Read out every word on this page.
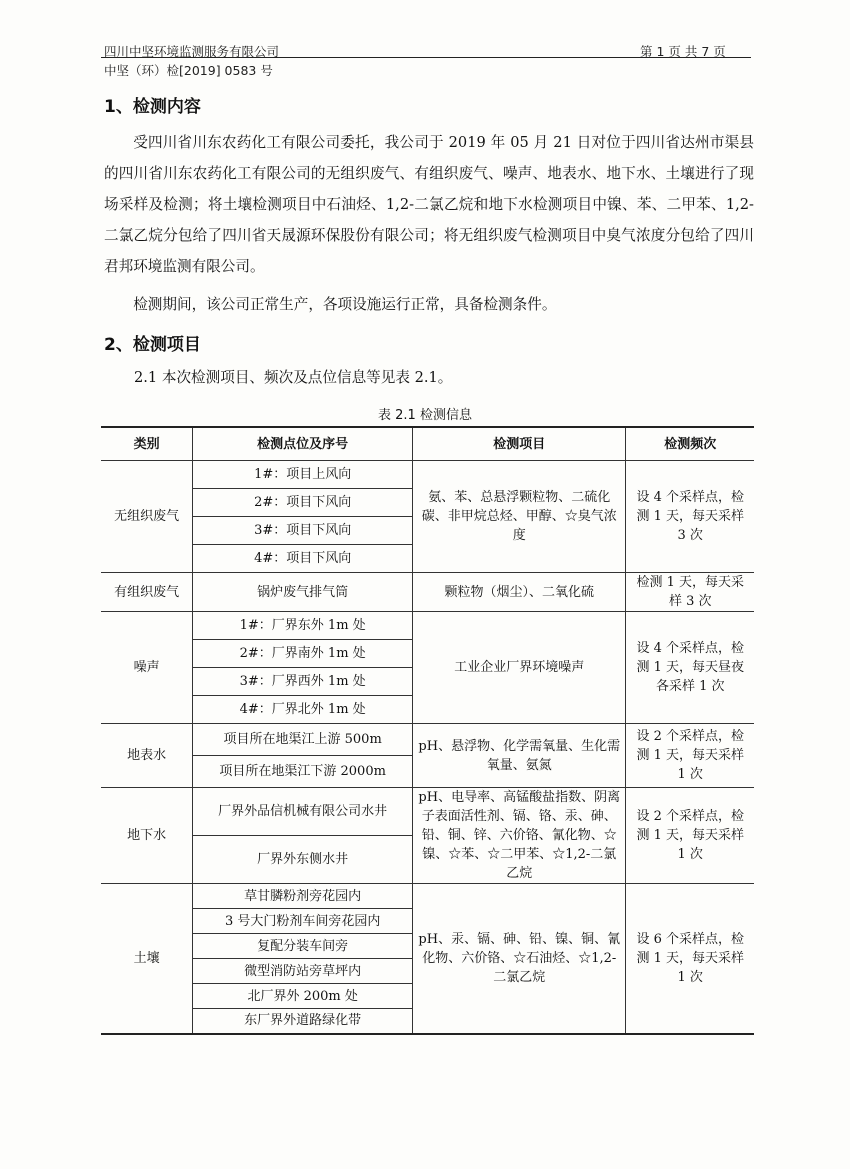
四川中坚环境监测服务有限公司	第 1 页 共 7 页
中坚（环）检[2019] 0583 号
1、检测内容

受四川省川东农药化工有限公司委托，我公司于 2019 年 05 月 21 日对位于四川省达州市渠县的四川省川东农药化工有限公司的无组织废气、有组织废气、噪声、地表水、地下水、土壤进行了现场采样及检测；将土壤检测项目中石油烃、1,2-二氯乙烷和地下水检测项目中镍、苯、二甲苯、1,2-二氯乙烷分包给了四川省天晟源环保股份有限公司；将无组织废气检测项目中臭气浓度分包给了四川君邦环境监测有限公司。

检测期间，该公司正常生产，各项设施运行正常，具备检测条件。

2、检测项目
2.1 本次检测项目、频次及点位信息等见表 2.1。
表 2.1 检测信息
类别	检测点位及序号	检测项目	检测频次
无组织废气	1#：项目上风向	氨、苯、总悬浮颗粒物、二硫化碳、非甲烷总烃、甲醇、☆臭气浓度	设 4 个采样点，检测 1 天，每天采样 3 次
	2#：项目下风向		
	3#：项目下风向		
	4#：项目下风向		
有组织废气	锅炉废气排气筒	颗粒物（烟尘）、二氧化硫	检测 1 天，每天采样 3 次
噪声	1#：厂界东外 1m 处	工业企业厂界环境噪声	设 4 个采样点，检测 1 天，每天昼夜各采样 1 次
	2#：厂界南外 1m 处		
	3#：厂界西外 1m 处		
	4#：厂界北外 1m 处		
地表水	项目所在地渠江上游 500m	pH、悬浮物、化学需氧量、生化需氧量、氨氮	设 2 个采样点，检测 1 天，每天采样 1 次
	项目所在地渠江下游 2000m		
地下水	厂界外品信机械有限公司水井	pH、电导率、高锰酸盐指数、阴离子表面活性剂、镉、铬、汞、砷、铅、铜、锌、六价铬、氰化物、☆镍、☆苯、☆二甲苯、☆1,2-二氯乙烷	设 2 个采样点，检测 1 天，每天采样 1 次
	厂界外东侧水井		
土壤	草甘膦粉剂旁花园内	pH、汞、镉、砷、铅、镍、铜、氰化物、六价铬、☆石油烃、☆1,2-二氯乙烷	设 6 个采样点，检测 1 天，每天采样 1 次
	3 号大门粉剂车间旁花园内		
	复配分装车间旁		
	微型消防站旁草坪内		
	北厂界外 200m 处		
	东厂界外道路绿化带		
